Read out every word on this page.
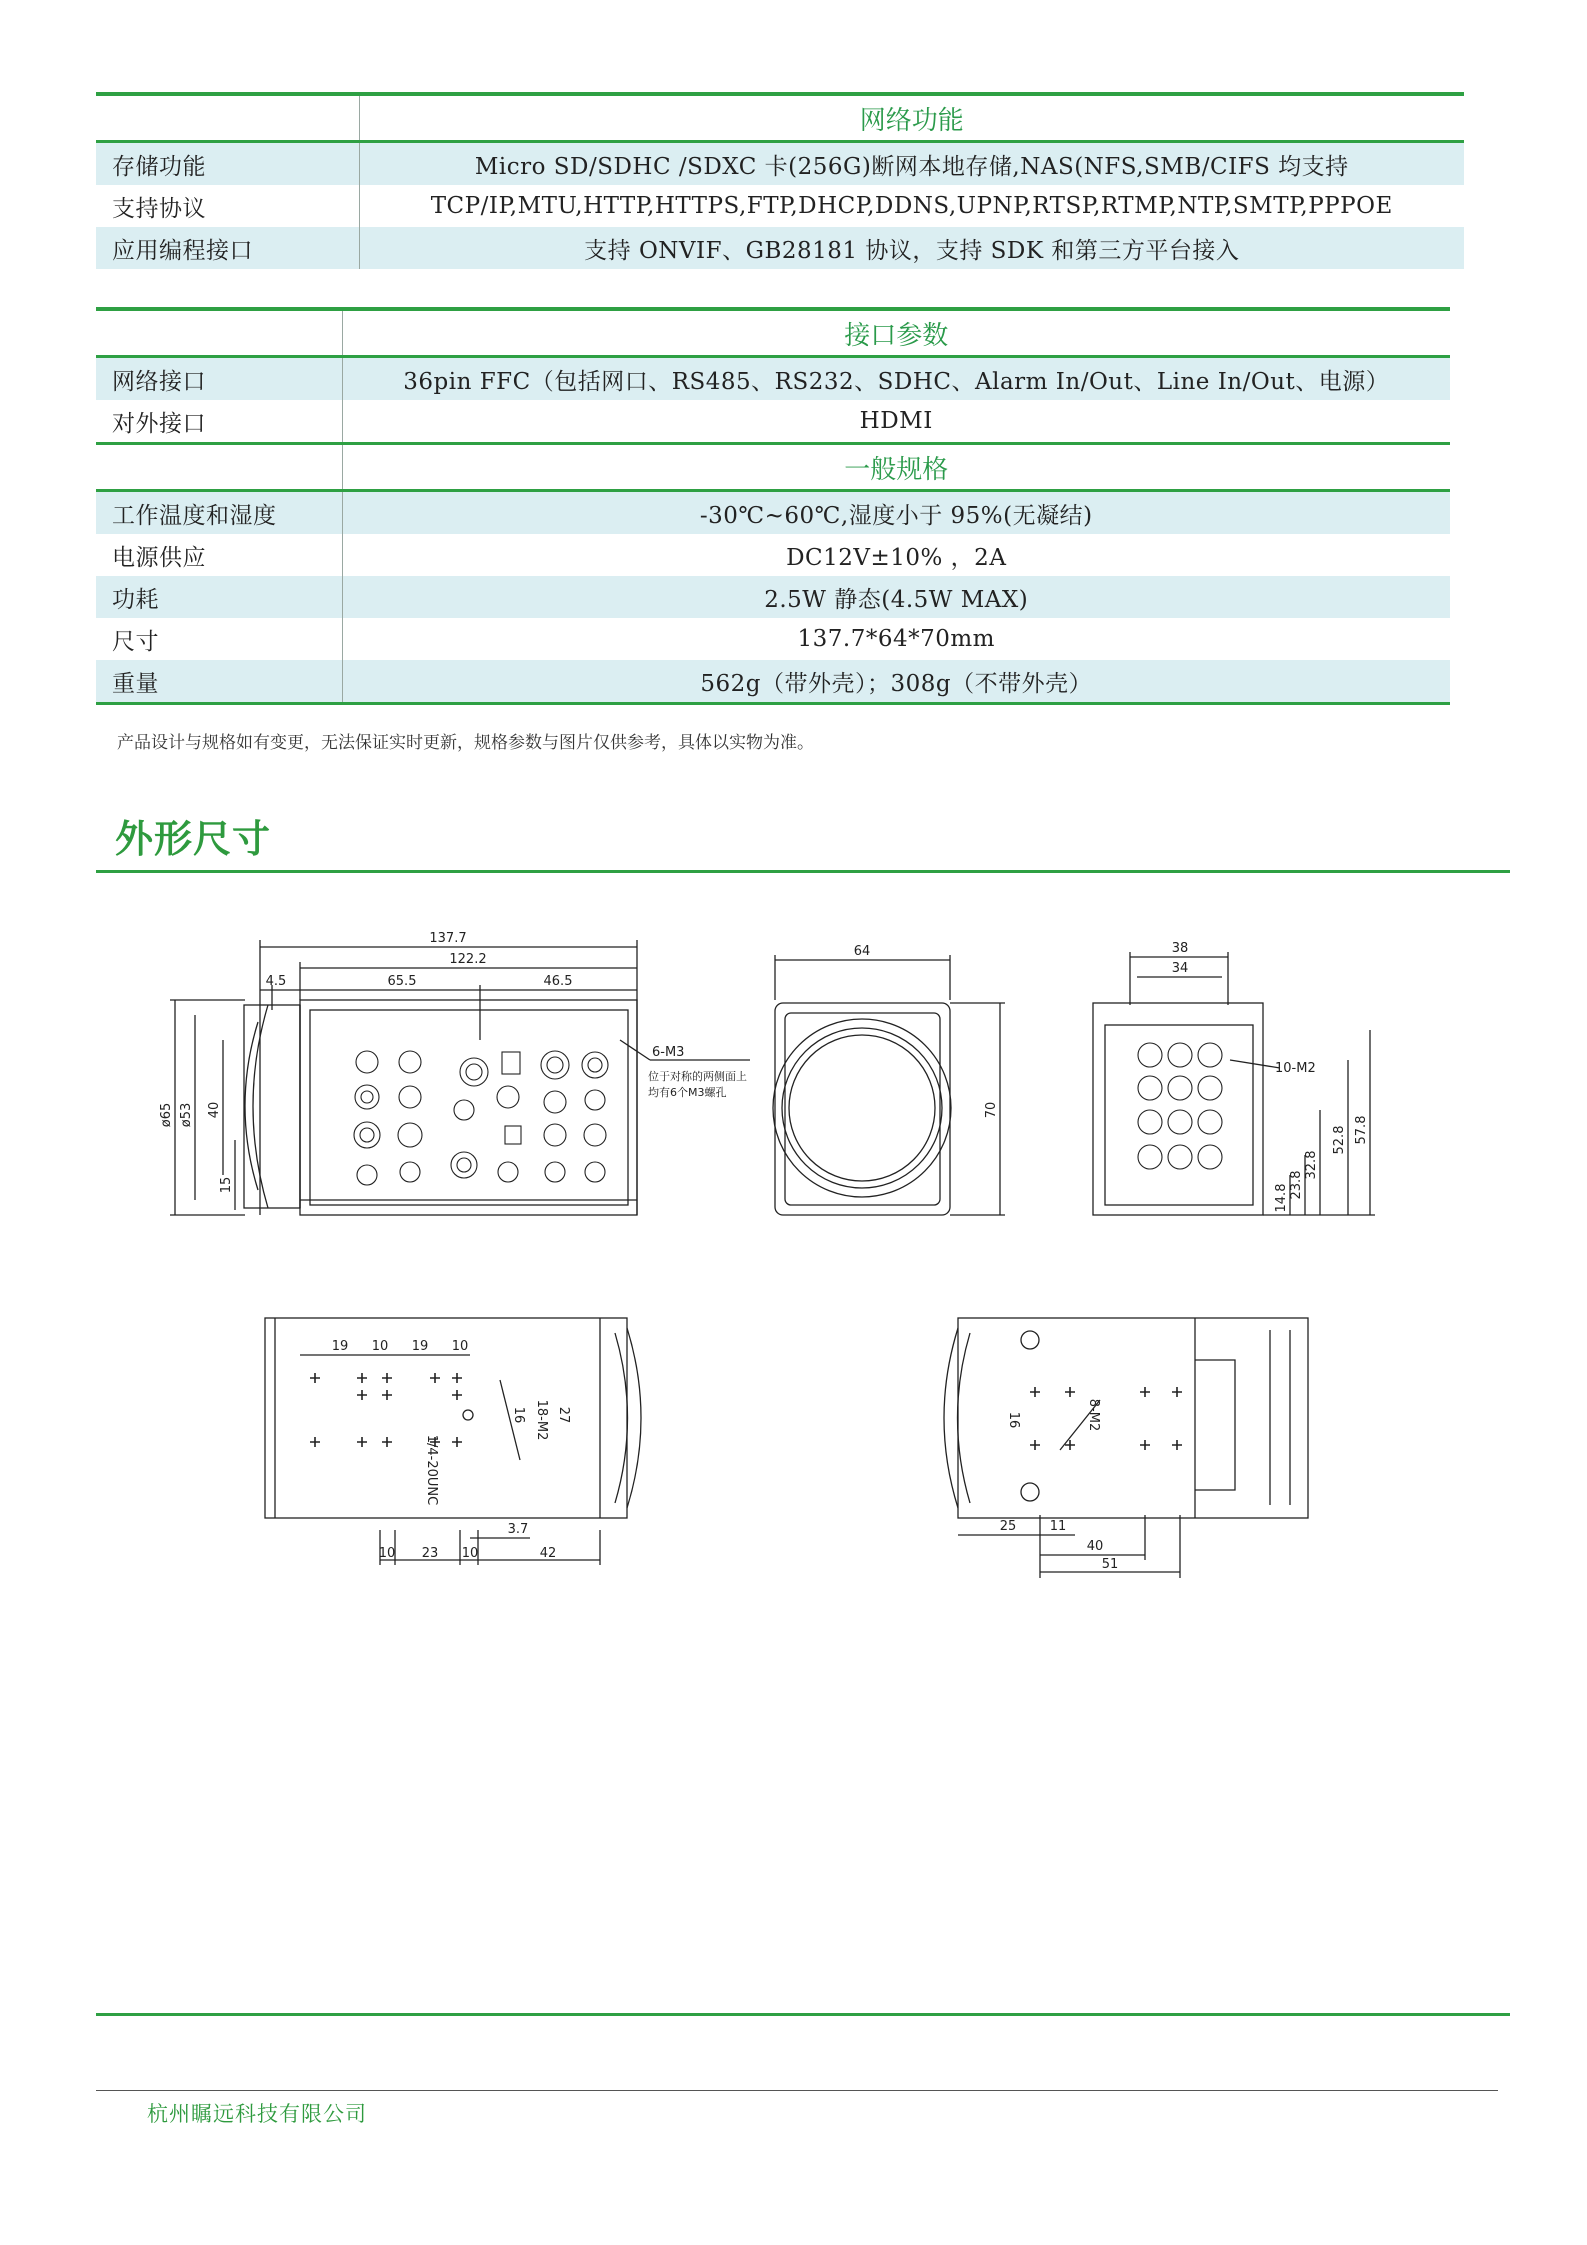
	网络功能
存储功能	Micro SD/SDHC /SDXC 卡(256G)断网本地存储,NAS(NFS,SMB/CIFS 均支持
支持协议	TCP/IP,MTU,HTTP,HTTPS,FTP,DHCP,DDNS,UPNP,RTSP,RTMP,NTP,SMTP,PPPOE
应用编程接口	支持 ONVIF、GB28181 协议，支持 SDK 和第三方平台接入
	接口参数
网络接口	36pin FFC（包括网口、RS485、RS232、SDHC、Alarm In/Out、Line In/Out、电源）
对外接口	HDMI
	一般规格
工作温度和湿度	-30℃~60℃,湿度小于 95%(无凝结)
电源供应	DC12V±10% ，2A
功耗	2.5W 静态(4.5W MAX)
尺寸	137.7*64*70mm
重量	562g（带外壳）；308g（不带外壳）
产品设计与规格如有变更，无法保证实时更新，规格参数与图片仅供参考，具体以实物为准。
外形尺寸
137.7
122.2
4.5	65.5	46.5
ø65 ø53 40
15
6-M3
位于对称的两侧面上
均有6个M3螺孔
64
70
38
34
10-M2
57.8
52.8
32.8
23.8
14.8
19 10 19 10
27
16 18-M2
1/4-20UNC
3.7
10 23 10	42
8-M2
16
25	11
40
51
杭州瞩远科技有限公司
